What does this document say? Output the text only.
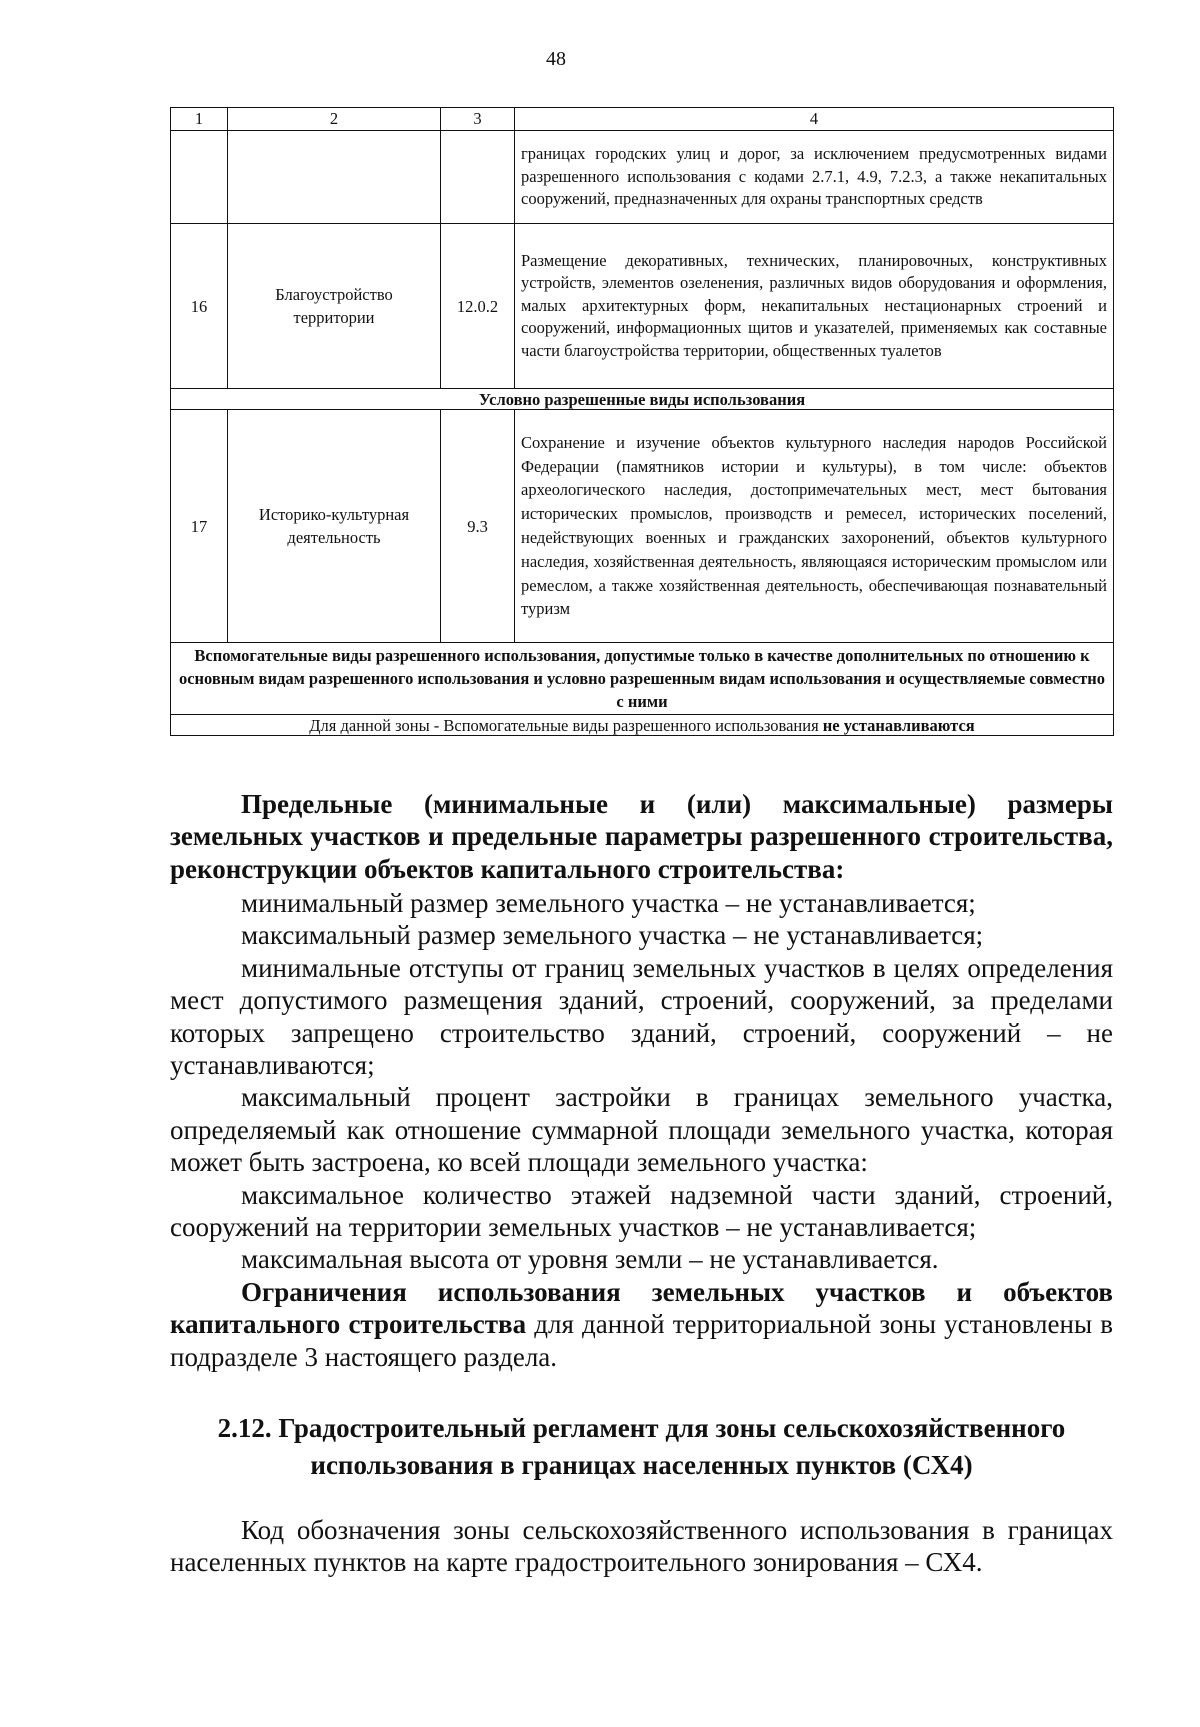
48
1	2	3	4
			границах городских улиц и дорог, за исключением предусмотренных видами разрешенного использования с кодами 2.7.1, 4.9, 7.2.3, а также некапитальных сооружений, предназначенных для охраны транспортных средств
16	Благоустройство территории	12.0.2	Размещение декоративных, технических, планировочных, конструктивных устройств, элементов озеленения, различных видов оборудования и оформления, малых архитектурных форм, некапитальных нестационарных строений и сооружений, информационных щитов и указателей, применяемых как составные части благоустройства территории, общественных туалетов
Условно разрешенные виды использования			
17	Историко-культурная деятельность	9.3	Сохранение и изучение объектов культурного наследия народов Российской Федерации (памятников истории и культуры), в том числе: объектов археологического наследия, достопримечательных мест, мест бытования исторических промыслов, производств и ремесел, исторических поселений, недействующих военных и гражданских захоронений, объектов культурного наследия, хозяйственная деятельность, являющаяся историческим промыслом или ремеслом, а также хозяйственная деятельность, обеспечивающая познавательный туризм
Вспомогательные виды разрешенного использования, допустимые только в качестве дополнительных по отношению к основным видам разрешенного использования и условно разрешенным видам использования и осуществляемые совместно с ними			
Для данной зоны - Вспомогательные виды разрешенного использования не устанавливаются			

Предельные (минимальные и (или) максимальные) размеры земельных участков и предельные параметры разрешенного строительства, реконструкции объектов капитального строительства:

минимальный размер земельного участка – не устанавливается;

максимальный размер земельного участка – не устанавливается;

минимальные отступы от границ земельных участков в целях определения мест допустимого размещения зданий, строений, сооружений, за пределами которых запрещено строительство зданий, строений, сооружений – не устанавливаются;

максимальный процент застройки в границах земельного участка, определяемый как отношение суммарной площади земельного участка, которая может быть застроена, ко всей площади земельного участка:

максимальное количество этажей надземной части зданий, строений, сооружений на территории земельных участков – не устанавливается;

максимальная высота от уровня земли – не устанавливается.

Ограничения использования земельных участков и объектов капитального строительства для данной территориальной зоны установлены в подразделе 3 настоящего раздела.

2.12. Градостроительный регламент для зоны сельскохозяйственного использования в границах населенных пунктов (СХ4)

Код обозначения зоны сельскохозяйственного использования в границах населенных пунктов на карте градостроительного зонирования – СХ4.
